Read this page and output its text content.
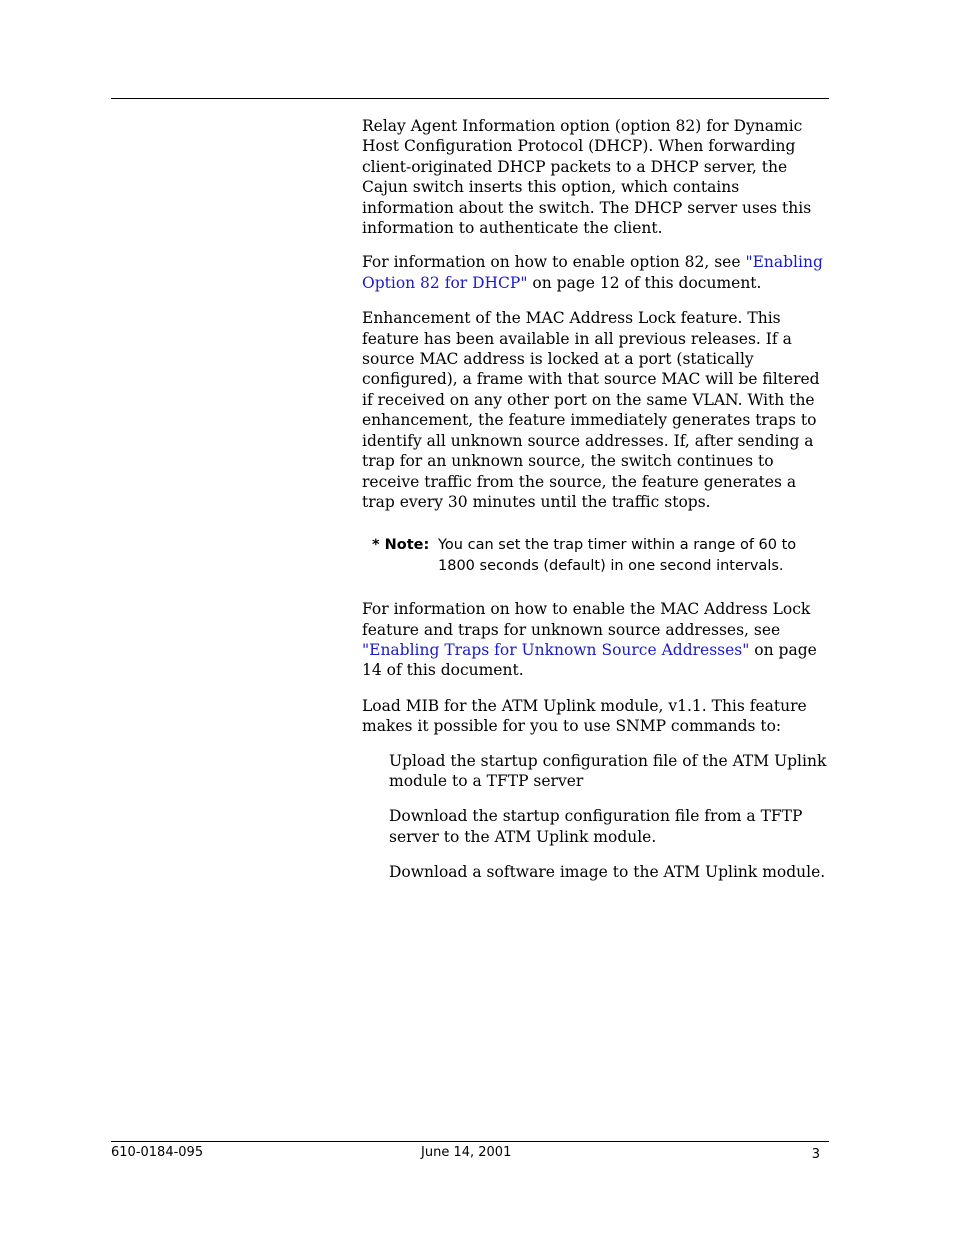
Relay Agent Information option (option 82) for Dynamic Host Configuration Protocol (DHCP). When forwarding client-originated DHCP packets to a DHCP server, the Cajun switch inserts this option, which contains information about the switch. The DHCP server uses this information to authenticate the client.

For information on how to enable option 82, see "Enabling Option 82 for DHCP" on page 12 of this document.

Enhancement of the MAC Address Lock feature. This feature has been available in all previous releases. If a source MAC address is locked at a port (statically configured), a frame with that source MAC will be filtered if received on any other port on the same VLAN. With the enhancement, the feature immediately generates traps to identify all unknown source addresses. If, after sending a trap for an unknown source, the switch continues to receive traffic from the source, the feature generates a trap every 30 minutes until the traffic stops.

* Note: You can set the trap timer within a range of 60 to 1800 seconds (default) in one second intervals.

For information on how to enable the MAC Address Lock feature and traps for unknown source addresses, see "Enabling Traps for Unknown Source Addresses" on page 14 of this document.

Load MIB for the ATM Uplink module, v1.1. This feature makes it possible for you to use SNMP commands to:

Upload the startup configuration file of the ATM Uplink module to a TFTP server
Download the startup configuration file from a TFTP server to the ATM Uplink module.
Download a software image to the ATM Uplink module.
610-0184-095	June 14, 2001	3
